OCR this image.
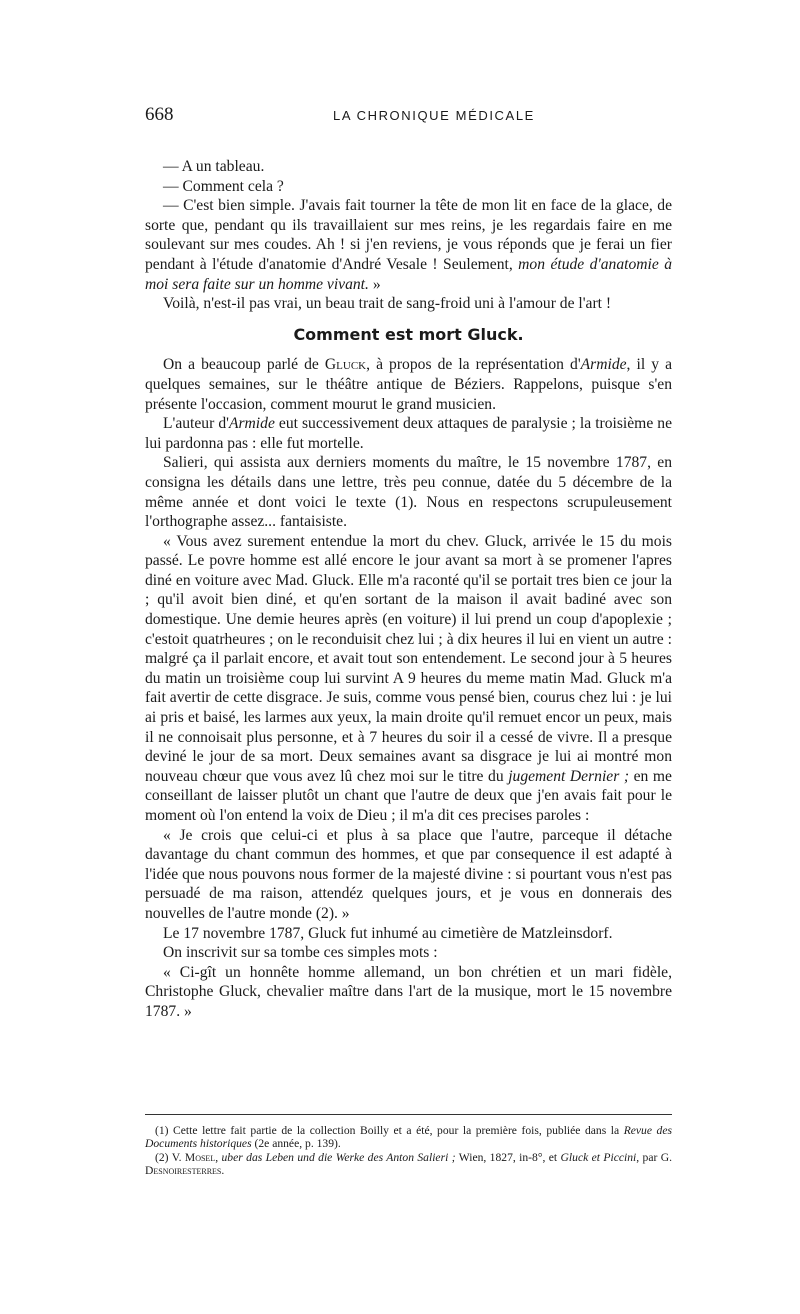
668	LA CHRONIQUE MÉDICALE

— A un tableau.

— Comment cela ?

— C'est bien simple. J'avais fait tourner la tête de mon lit en face de la glace, de sorte que, pendant qu ils travaillaient sur mes reins, je les regardais faire en me soulevant sur mes coudes. Ah ! si j'en reviens, je vous réponds que je ferai un fier pendant à l'étude d'anatomie d'André Vesale ! Seulement, mon étude d'anatomie à moi sera faite sur un homme vivant. »

Voilà, n'est-il pas vrai, un beau trait de sang-froid uni à l'amour de l'art !

Comment est mort Gluck.

On a beaucoup parlé de Gluck, à propos de la représentation d'Armide, il y a quelques semaines, sur le théâtre antique de Béziers. Rappelons, puisque s'en présente l'occasion, comment mourut le grand musicien.

L'auteur d'Armide eut successivement deux attaques de paralysie ; la troisième ne lui pardonna pas : elle fut mortelle.

Salieri, qui assista aux derniers moments du maître, le 15 novembre 1787, en consigna les détails dans une lettre, très peu connue, datée du 5 décembre de la même année et dont voici le texte (1). Nous en respectons scrupuleusement l'orthographe assez... fantaisiste.

« Vous avez surement entendue la mort du chev. Gluck, arrivée le 15 du mois passé. Le povre homme est allé encore le jour avant sa mort à se promener l'apres diné en voiture avec Mad. Gluck. Elle m'a raconté qu'il se portait tres bien ce jour la ; qu'il avoit bien diné, et qu'en sortant de la maison il avait badiné avec son domestique. Une demie heures après (en voiture) il lui prend un coup d'apoplexie ; c'estoit quatrheures ; on le reconduisit chez lui ; à dix heures il lui en vient un autre : malgré ça il parlait encore, et avait tout son entendement. Le second jour à 5 heures du matin un troisième coup lui survint A 9 heures du meme matin Mad. Gluck m'a fait avertir de cette disgrace. Je suis, comme vous pensé bien, courus chez lui : je lui ai pris et baisé, les larmes aux yeux, la main droite qu'il remuet encor un peux, mais il ne connoisait plus personne, et à 7 heures du soir il a cessé de vivre. Il a presque deviné le jour de sa mort. Deux semaines avant sa disgrace je lui ai montré mon nouveau chœur que vous avez lû chez moi sur le titre du jugement Dernier ; en me conseillant de laisser plutôt un chant que l'autre de deux que j'en avais fait pour le moment où l'on entend la voix de Dieu ; il m'a dit ces precises paroles :

« Je crois que celui-ci et plus à sa place que l'autre, parceque il détache davantage du chant commun des hommes, et que par consequence il est adapté à l'idée que nous pouvons nous former de la majesté divine : si pourtant vous n'est pas persuadé de ma raison, attendéz quelques jours, et je vous en donnerais des nouvelles de l'autre monde (2). »

Le 17 novembre 1787, Gluck fut inhumé au cimetière de Matzleinsdorf.

On inscrivit sur sa tombe ces simples mots :

« Ci-gît un honnête homme allemand, un bon chrétien et un mari fidèle, Christophe Gluck, chevalier maître dans l'art de la musique, mort le 15 novembre 1787. »

(1) Cette lettre fait partie de la collection Boilly et a été, pour la première fois, publiée dans la Revue des Documents historiques (2e année, p. 139).

(2) V. Mosel, uber das Leben und die Werke des Anton Salieri ; Wien, 1827, in-8°, et Gluck et Piccini, par G. Desnoiresterres.
